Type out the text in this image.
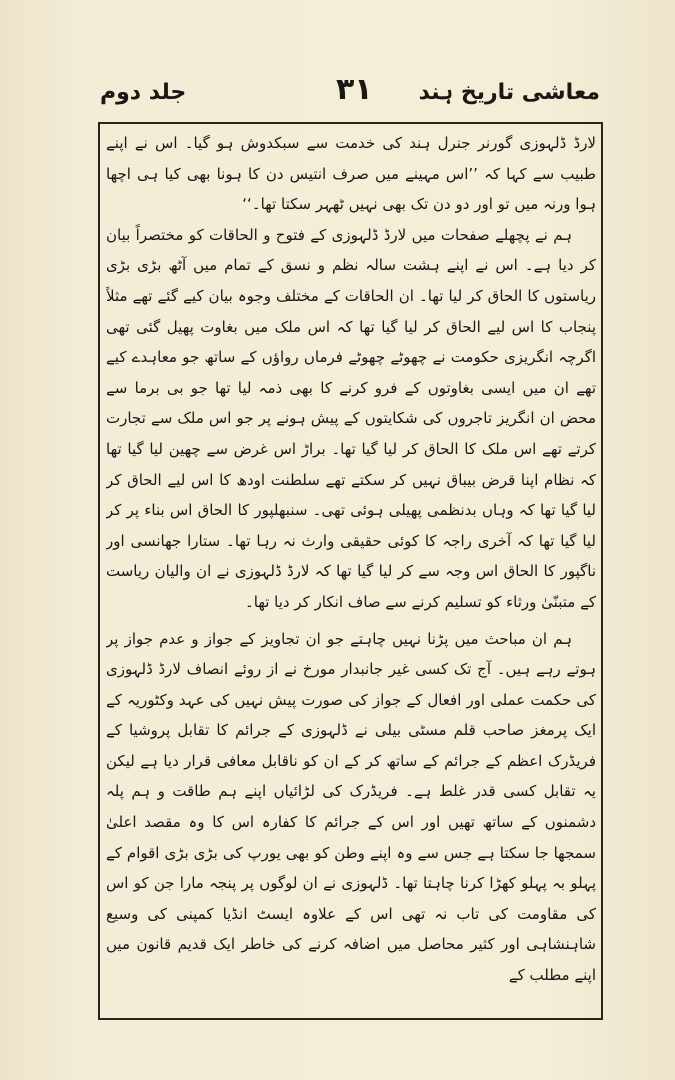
معاشی تاریخ ہند
۳۱
جلد دوم

لارڈ ڈلہوزی گورنر جنرل ہند کی خدمت سے سبکدوش ہو گیا۔ اس نے اپنے طبیب سے کہا کہ ’’اس مہینے میں صرف انتیس دن کا ہونا بھی کیا ہی اچھا ہوا ورنہ میں تو اور دو دن تک بھی نہیں ٹھہر سکتا تھا۔‘‘

ہم نے پچھلے صفحات میں لارڈ ڈلہوزی کے فتوح و الحاقات کو مختصراً بیان کر دیا ہے۔ اس نے اپنے ہشت سالہ نظم و نسق کے تمام میں آٹھ بڑی بڑی ریاستوں کا الحاق کر لیا تھا۔ ان الحاقات کے مختلف وجوہ بیان کیے گئے تھے مثلاً پنجاب کا اس لیے الحاق کر لیا گیا تھا کہ اس ملک میں بغاوت پھیل گئی تھی اگرچہ انگریزی حکومت نے چھوٹے چھوٹے فرماں رواؤں کے ساتھ جو معاہدے کیے تھے ان میں ایسی بغاوتوں کے فرو کرنے کا بھی ذمہ لیا تھا جو بی برما سے محض ان انگریز تاجروں کی شکایتوں کے پیش ہونے پر جو اس ملک سے تجارت کرتے تھے اس ملک کا الحاق کر لیا گیا تھا۔ براڑ اس غرض سے چھین لیا گیا تھا کہ نظام اپنا قرض بیباق نہیں کر سکتے تھے سلطنت اودھ کا اس لیے الحاق کر لیا گیا تھا کہ وہاں بدنظمی پھیلی ہوئی تھی۔ سنبھلپور کا الحاق اس بناء پر کر لیا گیا تھا کہ آخری راجہ کا کوئی حقیقی وارث نہ رہا تھا۔ ستارا جھانسی اور ناگپور کا الحاق اس وجہ سے کر لیا گیا تھا کہ لارڈ ڈلہوزی نے ان والیان ریاست کے متبنّیٰ ورثاء کو تسلیم کرنے سے صاف انکار کر دیا تھا۔

ہم ان مباحث میں پڑنا نہیں چاہتے جو ان تجاویز کے جواز و عدم جواز پر ہوتے رہے ہیں۔ آج تک کسی غیر جانبدار مورخ نے از روئے انصاف لارڈ ڈلہوزی کی حکمت عملی اور افعال کے جواز کی صورت پیش نہیں کی عہد وکٹوریہ کے ایک پرمغز صاحب قلم مسٹی بیلی نے ڈلہوزی کے جرائم کا تقابل پروشیا کے فریڈرک اعظم کے جرائم کے ساتھ کر کے ان کو ناقابل معافی قرار دیا ہے لیکن یہ تقابل کسی قدر غلط ہے۔ فریڈرک کی لڑائیاں اپنے ہم طاقت و ہم پلہ دشمنوں کے ساتھ تھیں اور اس کے جرائم کا کفارہ اس کا وہ مقصد اعلیٰ سمجھا جا سکتا ہے جس سے وہ اپنے وطن کو بھی یورپ کی بڑی بڑی اقوام کے پہلو بہ پہلو کھڑا کرنا چاہتا تھا۔ ڈلہوزی نے ان لوگوں پر پنجہ مارا جن کو اس کی مقاومت کی تاب نہ تھی اس کے علاوہ ایسٹ انڈیا کمپنی کی وسیع شاہنشاہی اور کثیر محاصل میں اضافہ کرنے کی خاطر ایک قدیم قانون میں اپنے مطلب کے
